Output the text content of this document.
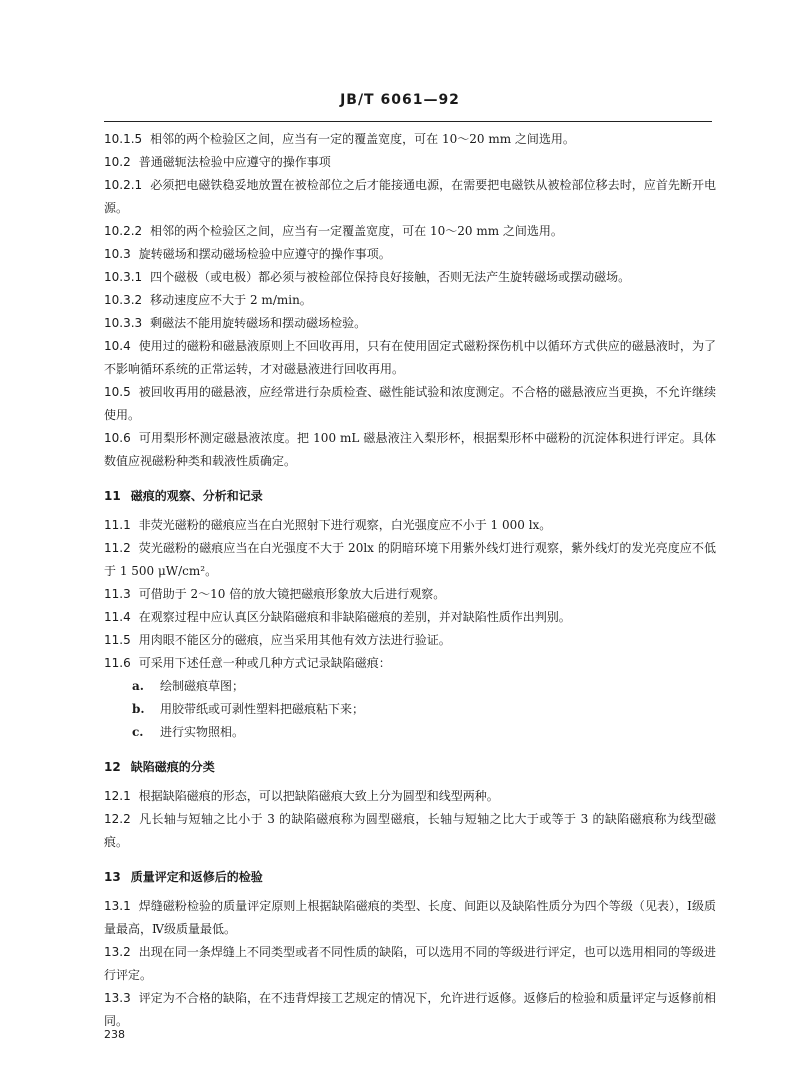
JB/T 6061—92
10.1.5 相邻的两个检验区之间，应当有一定的覆盖宽度，可在 10～20 mm 之间选用。
10.2 普通磁轭法检验中应遵守的操作事项
10.2.1 必须把电磁铁稳妥地放置在被检部位之后才能接通电源，在需要把电磁铁从被检部位移去时，应首先断开电源。
10.2.2 相邻的两个检验区之间，应当有一定覆盖宽度，可在 10～20 mm 之间选用。
10.3 旋转磁场和摆动磁场检验中应遵守的操作事项。
10.3.1 四个磁极（或电极）都必须与被检部位保持良好接触，否则无法产生旋转磁场或摆动磁场。
10.3.2 移动速度应不大于 2 m/min。
10.3.3 剩磁法不能用旋转磁场和摆动磁场检验。
10.4 使用过的磁粉和磁悬液原则上不回收再用，只有在使用固定式磁粉探伤机中以循环方式供应的磁悬液时，为了不影响循环系统的正常运转，才对磁悬液进行回收再用。
10.5 被回收再用的磁悬液，应经常进行杂质检查、磁性能试验和浓度测定。不合格的磁悬液应当更换，不允许继续使用。
10.6 可用梨形杯测定磁悬液浓度。把 100 mL 磁悬液注入梨形杯，根据梨形杯中磁粉的沉淀体积进行评定。具体数值应视磁粉种类和载液性质确定。
11 磁痕的观察、分析和记录
11.1 非荧光磁粉的磁痕应当在白光照射下进行观察，白光强度应不小于 1 000 lx。
11.2 荧光磁粉的磁痕应当在白光强度不大于 20lx 的阴暗环境下用紫外线灯进行观察，紫外线灯的发光亮度应不低于 1 500 μW/cm²。
11.3 可借助于 2～10 倍的放大镜把磁痕形象放大后进行观察。
11.4 在观察过程中应认真区分缺陷磁痕和非缺陷磁痕的差别，并对缺陷性质作出判别。
11.5 用肉眼不能区分的磁痕，应当采用其他有效方法进行验证。
11.6 可采用下述任意一种或几种方式记录缺陷磁痕：
a. 绘制磁痕草图；
b. 用胶带纸或可剥性塑料把磁痕粘下来；
c. 进行实物照相。
12 缺陷磁痕的分类
12.1 根据缺陷磁痕的形态，可以把缺陷磁痕大致上分为圆型和线型两种。
12.2 凡长轴与短轴之比小于 3 的缺陷磁痕称为圆型磁痕，长轴与短轴之比大于或等于 3 的缺陷磁痕称为线型磁痕。
13 质量评定和返修后的检验
13.1 焊缝磁粉检验的质量评定原则上根据缺陷磁痕的类型、长度、间距以及缺陷性质分为四个等级（见表），Ⅰ级质量最高，Ⅳ级质量最低。
13.2 出现在同一条焊缝上不同类型或者不同性质的缺陷，可以选用不同的等级进行评定，也可以选用相同的等级进行评定。
13.3 评定为不合格的缺陷，在不违背焊接工艺规定的情况下，允许进行返修。返修后的检验和质量评定与返修前相同。
238
